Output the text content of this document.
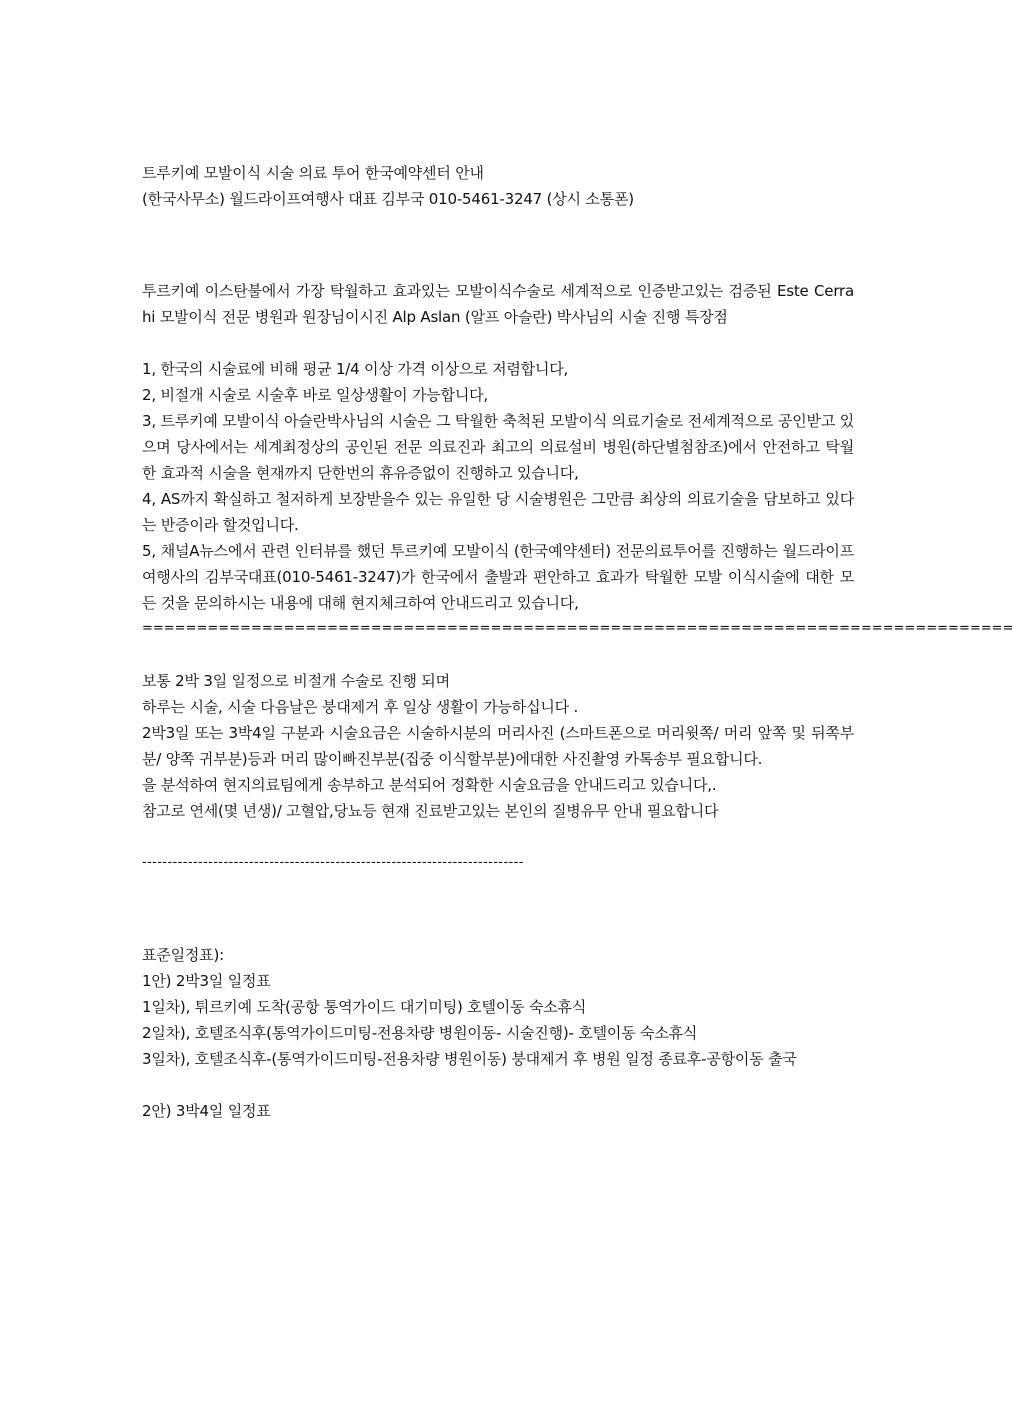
트루키예 모발이식 시술 의료 투어 한국예약센터 안내
(한국사무소) 월드라이프여행사 대표 김부국 010-5461-3247 (상시 소통폰)
투르키예 이스탄불에서 가장 탁월하고 효과있는 모발이식수술로 세계적으로 인증받고있는 검증된 Este Cerrahi 모발이식 전문 병원과 원장님이시진 Alp Aslan (알프 아슬란) 박사님의 시술 진행 특장점
1, 한국의 시술료에 비해 평균 1/4 이상 가격 이상으로 저렴합니다,
2, 비절개 시술로 시술후 바로 일상생활이 가능합니다,
3, 트루키예 모발이식 아슬란박사님의 시술은 그 탁월한 축척된 모발이식 의료기술로 전세계적으로 공인받고 있으며 당사에서는 세계최정상의 공인된 전문 의료진과 최고의 의료설비 병원(하단별첨참조)에서 안전하고 탁월한 효과적 시술을 현재까지 단한번의 휴유증없이 진행하고 있습니다,
4, AS까지 확실하고 철저하게 보장받을수 있는 유일한 당 시술병원은 그만큼 최상의 의료기술을 담보하고 있다는 반증이라 할것입니다.
5, 채널A뉴스에서 관련 인터뷰를 했던 투르키예 모발이식 (한국예약센터) 전문의료투어를 진행하는 월드라이프여행사의 김부국대표(010-5461-3247)가 한국에서 출발과 편안하고 효과가 탁월한 모발 이식시술에 대한 모든 것을 문의하시는 내용에 대해 현지체크하여 안내드리고 있습니다,
================================================================================
보통 2박 3일 일정으로 비절개 수술로 진행 되며
하루는 시술, 시술 다음날은 붕대제거 후 일상 생활이 가능하십니다 .
2박3일 또는 3박4일 구분과 시술요금은 시술하시분의 머리사진 (스마트폰으로 머리윗쪽/ 머리 앞쪽 및 뒤쪽부분/ 양쪽 귀부분)등과 머리 많이빠진부분(집중 이식할부분)에대한 사진촬영 카톡송부 필요합니다.
을 분석하여 현지의료팀에게 송부하고 분석되어 정확한 시술요금을 안내드리고 있습니다,.
참고로 연세(몇 년생)/ 고혈압,당뇨등 현재 진료받고있는 본인의 질병유무 안내 필요합니다
---------------------------------------------------------------------------
표준일정표):
1안) 2박3일 일정표
1일차), 튀르키예 도착(공항 통역가이드 대기미팅) 호텔이동 숙소휴식
2일차), 호텔조식후(통역가이드미팅-전용차량 병원이동- 시술진행)- 호텔이동 숙소휴식
3일차), 호텔조식후-(통역가이드미팅-전용차량 병원이동) 붕대제거 후 병원 일정 종료후-공항이동 출국
2안) 3박4일 일정표
